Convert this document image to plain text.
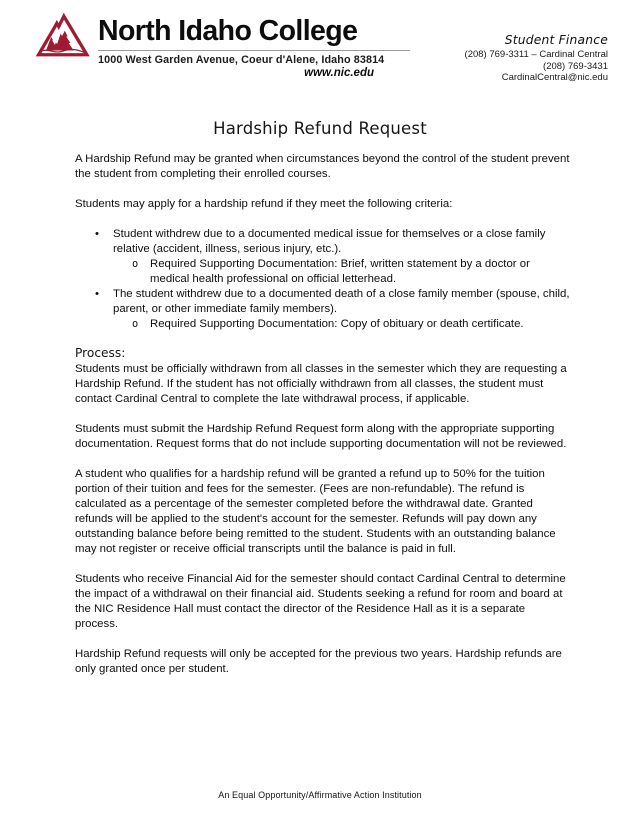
North Idaho College
1000 West Garden Avenue, Coeur d'Alene, Idaho 83814
www.nic.edu
Student Finance
(208) 769-3311 – Cardinal Central
(208) 769-3431
CardinalCentral@nic.edu
Hardship Refund Request

A Hardship Refund may be granted when circumstances beyond the control of the student prevent the student from completing their enrolled courses.

Students may apply for a hardship refund if they meet the following criteria:

•	Student withdrew due to a documented medical issue for themselves or a close family relative (accident, illness, serious injury, etc.).
o	Required Supporting Documentation: Brief, written statement by a doctor or medical health professional on official letterhead.
•	The student withdrew due to a documented death of a close family member (spouse, child, parent, or other immediate family members).
o	Required Supporting Documentation: Copy of obituary or death certificate.
Process:

Students must be officially withdrawn from all classes in the semester which they are requesting a Hardship Refund. If the student has not officially withdrawn from all classes, the student must contact Cardinal Central to complete the late withdrawal process, if applicable.

Students must submit the Hardship Refund Request form along with the appropriate supporting documentation. Request forms that do not include supporting documentation will not be reviewed.

A student who qualifies for a hardship refund will be granted a refund up to 50% for the tuition portion of their tuition and fees for the semester. (Fees are non-refundable). The refund is calculated as a percentage of the semester completed before the withdrawal date. Granted refunds will be applied to the student's account for the semester. Refunds will pay down any outstanding balance before being remitted to the student. Students with an outstanding balance may not register or receive official transcripts until the balance is paid in full.

Students who receive Financial Aid for the semester should contact Cardinal Central to determine the impact of a withdrawal on their financial aid. Students seeking a refund for room and board at the NIC Residence Hall must contact the director of the Residence Hall as it is a separate process.

Hardship Refund requests will only be accepted for the previous two years. Hardship refunds are only granted once per student.

An Equal Opportunity/Affirmative Action Institution
